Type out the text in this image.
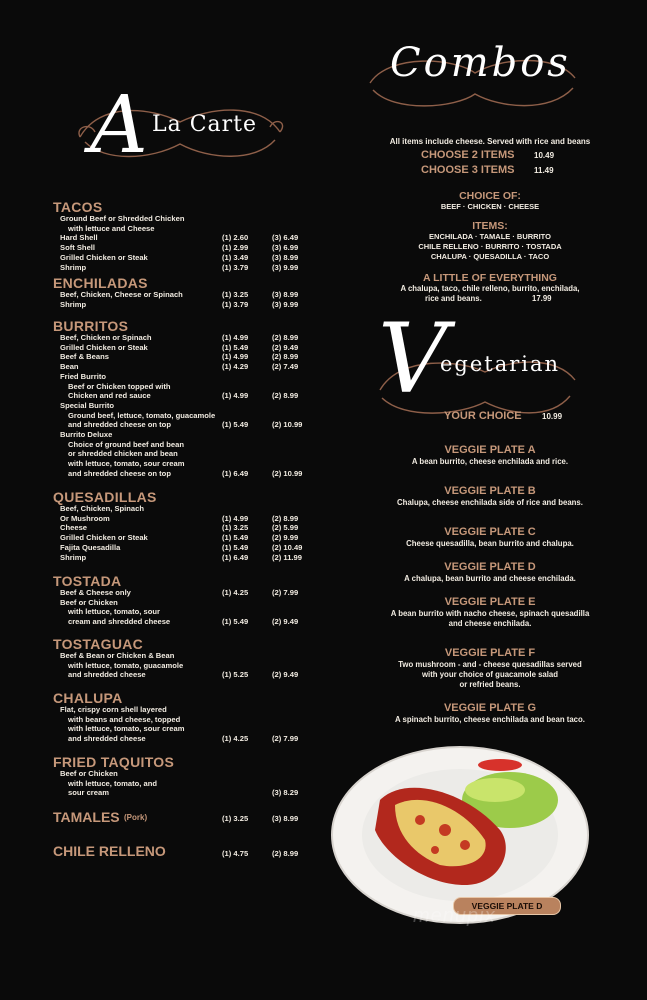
A La Carte
TACOS
Ground Beef or Shredded Chicken
with lettuce and Cheese
Hard Shell	(1) 2.60	(3) 6.49
Soft Shell	(1) 2.99	(3) 6.99
Grilled Chicken or Steak	(1) 3.49	(3) 8.99
Shrimp	(1) 3.79	(3) 9.99
ENCHILADAS
Beef, Chicken, Cheese or Spinach	(1) 3.25	(3) 8.99
Shrimp	(1) 3.79	(3) 9.99
BURRITOS
Beef, Chicken or Spinach	(1) 4.99	(2) 8.99
Grilled Chicken or Steak	(1) 5.49	(2) 9.49
Beef & Beans	(1) 4.99	(2) 8.99
Bean	(1) 4.29	(2) 7.49
Fried Burrito
Beef or Chicken topped with
Chicken and red sauce	(1) 4.99	(2) 8.99
Special Burrito
Ground beef, lettuce, tomato, guacamole
and shredded cheese on top	(1) 5.49	(2) 10.99
Burrito Deluxe
Choice of ground beef and bean
or shredded chicken and bean
with lettuce, tomato, sour cream
and shredded cheese on top	(1) 6.49	(2) 10.99
QUESADILLAS
Beef, Chicken, Spinach
Or Mushroom	(1) 4.99	(2) 8.99
Cheese	(1) 3.25	(2) 5.99
Grilled Chicken or Steak	(1) 5.49	(2) 9.99
Fajita Quesadilla	(1) 5.49	(2) 10.49
Shrimp	(1) 6.49	(2) 11.99
TOSTADA
Beef & Cheese only	(1) 4.25	(2) 7.99
Beef or Chicken
with lettuce, tomato, sour
cream and shredded cheese	(1) 5.49	(2) 9.49
TOSTAGUAC
Beef & Bean or Chicken & Bean
with lettuce, tomato, guacamole
and shredded cheese	(1) 5.25	(2) 9.49
CHALUPA
Flat, crispy corn shell layered
with beans and cheese, topped
with lettuce, tomato, sour cream
and shredded cheese	(1) 4.25	(2) 7.99
FRIED TAQUITOS
Beef or Chicken
with lettuce, tomato, and
sour cream	(3) 8.29
TAMALES (Pork)	(1) 3.25	(3) 8.99
CHILE RELLENO	(1) 4.75	(2) 8.99
Combos
All items include cheese. Served with rice and beans
CHOOSE 2 ITEMS 10.49
CHOOSE 3 ITEMS 11.49
CHOICE OF:
BEEF · CHICKEN · CHEESE
ITEMS:
ENCHILADA · TAMALE · BURRITO
CHILE RELLENO · BURRITO · TOSTADA
CHALUPA · QUESADILLA · TACO
A LITTLE OF EVERYTHING
A chalupa, taco, chile relleno, burrito, enchilada,
rice and beans.	17.99
V
egetarian
YOUR CHOICE	10.99
VEGGIE PLATE A
A bean burrito, cheese enchilada and rice.
VEGGIE PLATE B
Chalupa, cheese enchilada side of rice and beans.
VEGGIE PLATE C
Cheese quesadilla, bean burrito and chalupa.
VEGGIE PLATE D
A chalupa, bean burrito and cheese enchilada.
VEGGIE PLATE E
A bean burrito with nacho cheese, spinach quesadilla
and cheese enchilada.
VEGGIE PLATE F
Two mushroom - and - cheese quesadillas served
with your choice of guacamole salad
or refried beans.
VEGGIE PLATE G
A spinach burrito, cheese enchilada and bean taco.
VEGGIE PLATE D
menupix
